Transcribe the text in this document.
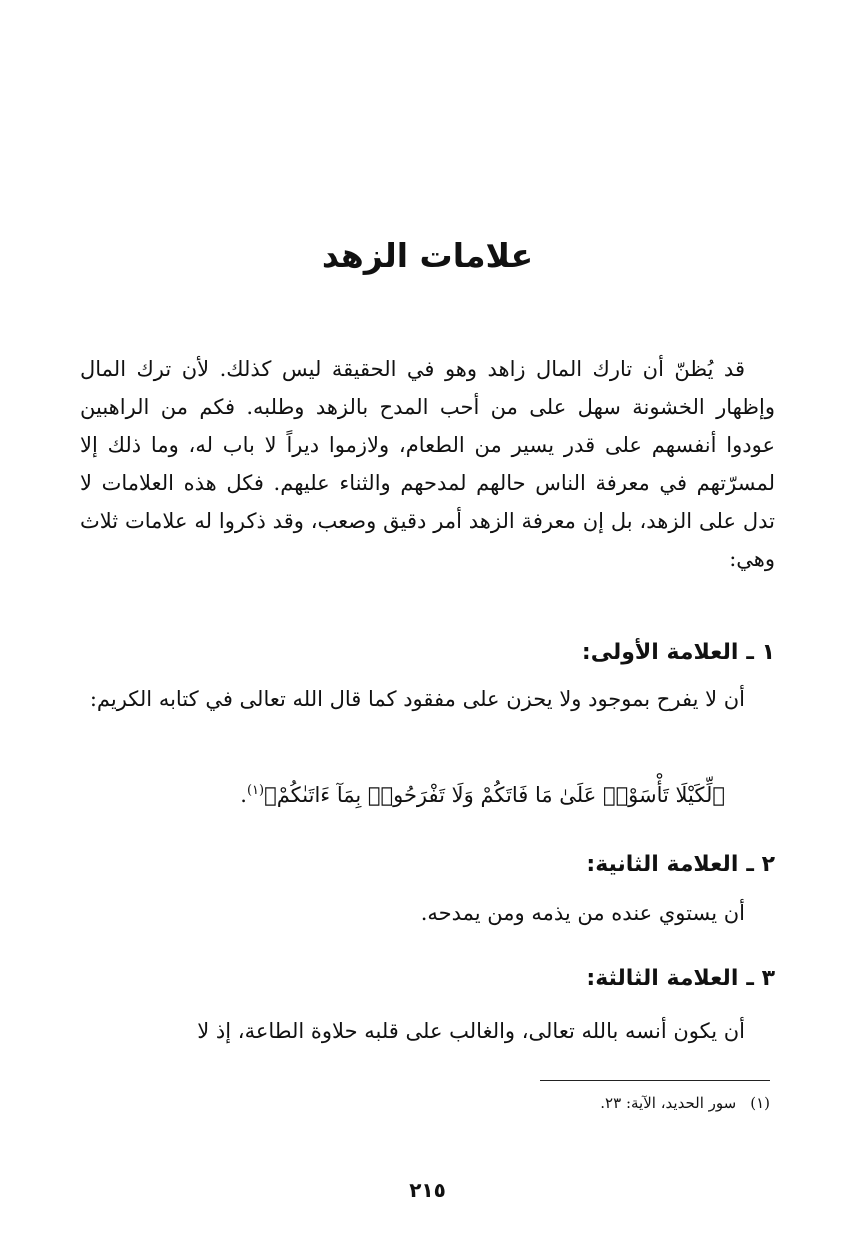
علامات الزهد

قد يُظنّ أن تارك المال زاهد وهو في الحقيقة ليس كذلك. لأن ترك المال وإظهار الخشونة سهل على من أحب المدح بالزهد وطلبه. فكم من الراهبين عودوا أنفسهم على قدر يسير من الطعام، ولازموا ديراً لا باب له، وما ذلك إلا لمسرّتهم في معرفة الناس حالهم لمدحهم والثناء عليهم. فكل هذه العلامات لا تدل على الزهد، بل إن معرفة الزهد أمر دقيق وصعب، وقد ذكروا له علامات ثلاث وهي:

١ ـالعلامة الأولى:

أن لا يفرح بموجود ولا يحزن على مفقود كما قال الله تعالى في كتابه الكريم:

﴿لِّكَيْلَا تَأْسَوْا۟ عَلَىٰ مَا فَاتَكُمْ وَلَا تَفْرَحُوا۟ بِمَآ ءَاتَىٰكُمْ﴾$^{(١)}$.

٢ ـالعلامة الثانية:

أن يستوي عنده من يذمه ومن يمدحه.

٣ ـالعلامة الثالثة:

أن يكون أنسه بالله تعالى، والغالب على قلبه حلاوة الطاعة، إذ لا

(١)سور الحديد، الآية: ٢٣.

٢١٥
